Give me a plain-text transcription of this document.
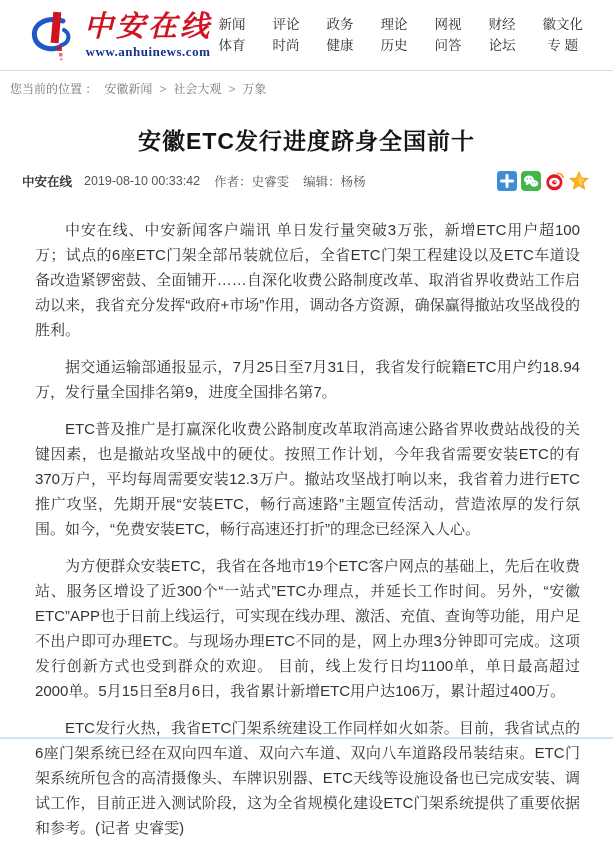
中安在线
www.anhuinews.com
新闻
体育
评论
时尚
政务
健康
理论
历史
网视
问答
财经
论坛
徽文化
专 题
您当前的位置 ： 安徽新闻 > 社会大观 > 万象
安徽ETC发行进度跻身全国前十
中安在线 2019-08-10 00:33:42 作者：史睿雯 编辑：杨杨

中安在线、中安新闻客户端讯 单日发行量突破3万张，新增ETC用户超100万；试点的6座ETC门架全部吊装就位后，全省ETC门架工程建设以及ETC车道设备改造紧锣密鼓、全面铺开……自深化收费公路制度改革、取消省界收费站工作启动以来，我省充分发挥“政府+市场”作用，调动各方资源，确保赢得撤站攻坚战役的胜利。

据交通运输部通报显示，7月25日至7月31日，我省发行皖籍ETC用户约18.94万，发行量全国排名第9，进度全国排名第7。

ETC普及推广是打赢深化收费公路制度改革取消高速公路省界收费站战役的关键因素，也是撤站攻坚战中的硬仗。按照工作计划，今年我省需要安装ETC的有370万户，平均每周需要安装12.3万户。撤站攻坚战打响以来，我省着力进行ETC推广攻坚，先期开展“安装ETC，畅行高速路”主题宣传活动，营造浓厚的发行氛围。如今，“免费安装ETC，畅行高速还打折”的理念已经深入人心。

为方便群众安装ETC，我省在各地市19个ETC客户网点的基础上，先后在收费站、服务区增设了近300个“一站式”ETC办理点，并延长工作时间。另外，“安徽ETC”APP也于日前上线运行，可实现在线办理、激活、充值、查询等功能，用户足不出户即可办理ETC。与现场办理ETC不同的是，网上办理3分钟即可完成。这项发行创新方式也受到群众的欢迎。 目前，线上发行日均1100单，单日最高超过2000单。5月15日至8月6日，我省累计新增ETC用户达106万，累计超过400万。

ETC发行火热，我省ETC门架系统建设工作同样如火如荼。目前，我省试点的6座门架系统已经在双向四车道、双向六车道、双向八车道路段吊装结束。ETC门架系统所包含的高清摄像头、车牌识别器、ETC天线等设施设备也已完成安装、调试工作，目前正进入测试阶段，这为全省规模化建设ETC门架系统提供了重要依据和参考。(记者 史睿雯)
